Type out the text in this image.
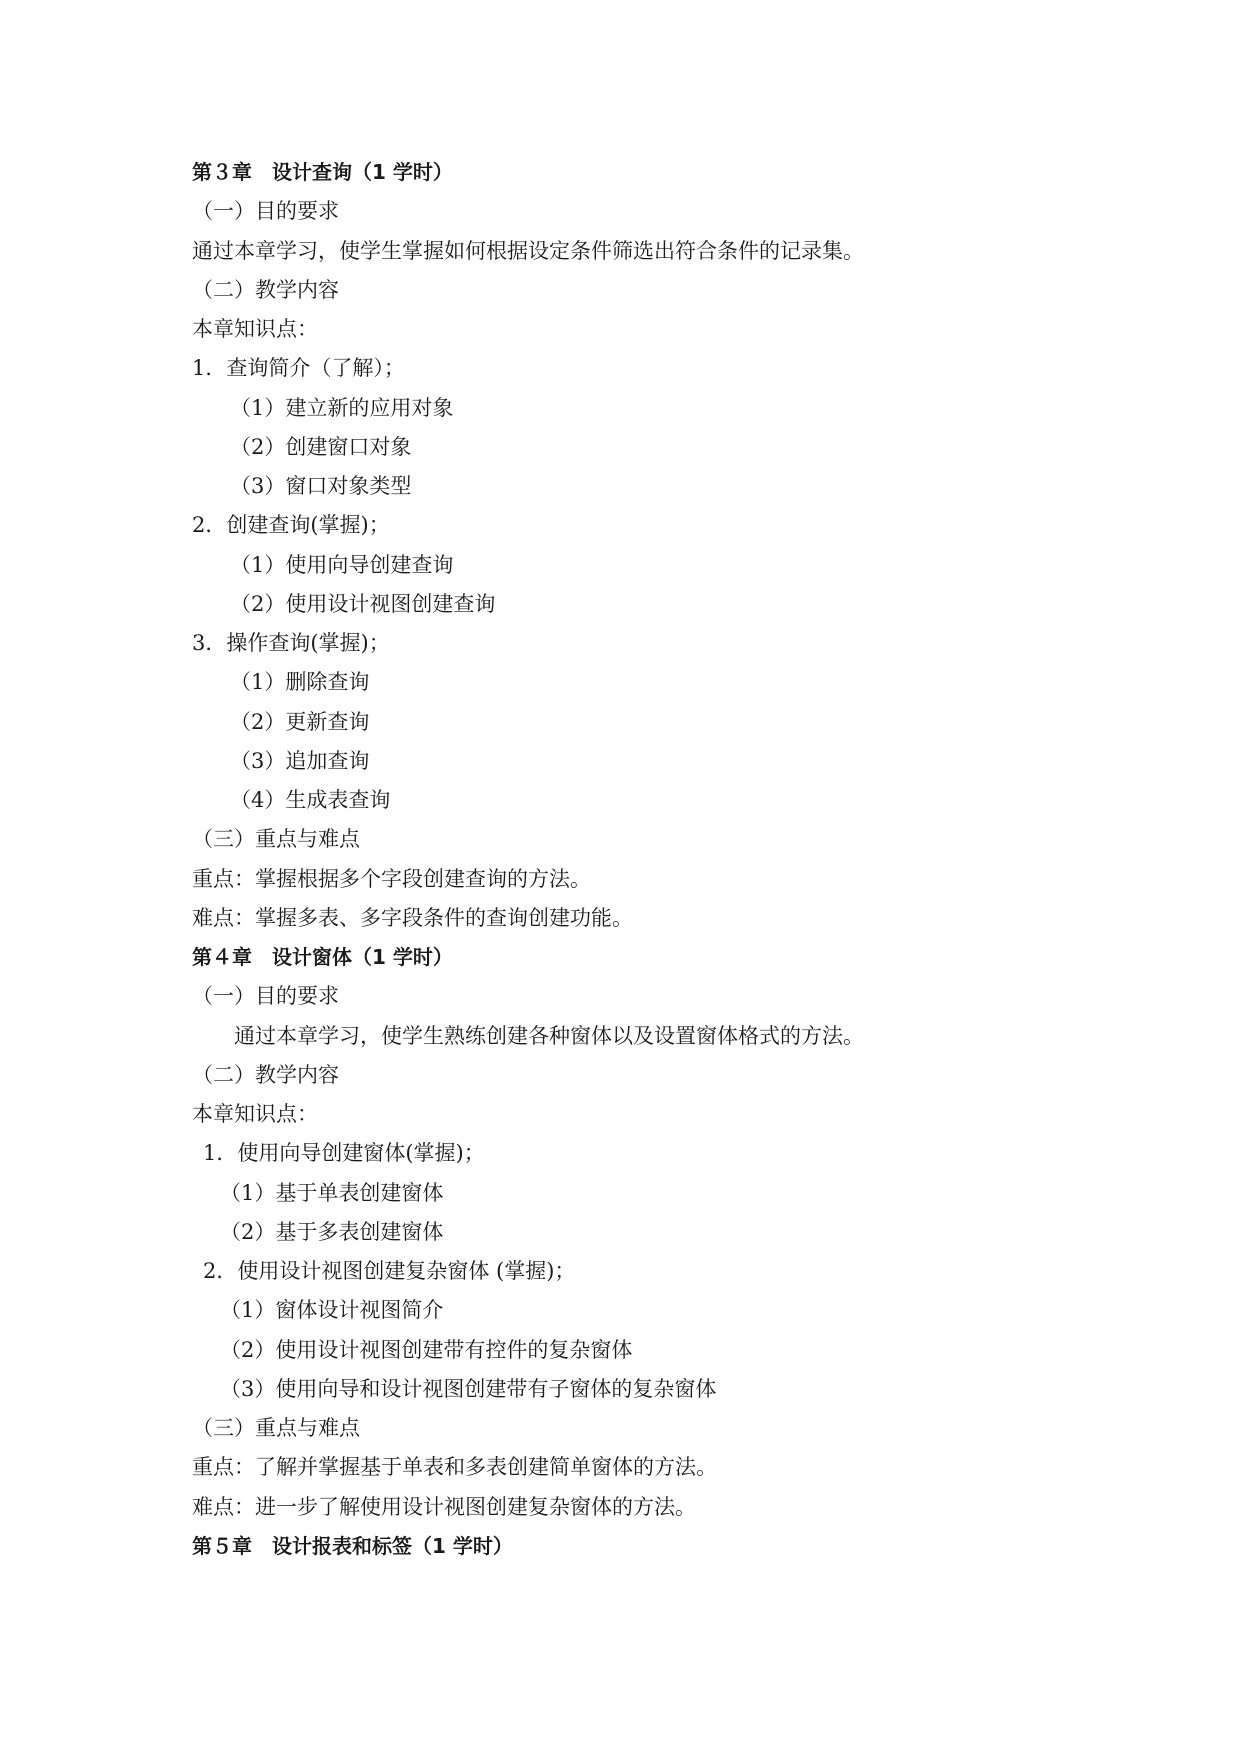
第３章　设计查询（1 学时）
（一）目的要求
通过本章学习，使学生掌握如何根据设定条件筛选出符合条件的记录集。
（二）教学内容
本章知识点：
1．查询简介（了解）；
（1）建立新的应用对象
（2）创建窗口对象
（3）窗口对象类型
2．创建查询(掌握)；
（1）使用向导创建查询
（2）使用设计视图创建查询
3．操作查询(掌握)；
（1）删除查询
（2）更新查询
（3）追加查询
（4）生成表查询
（三）重点与难点
重点：掌握根据多个字段创建查询的方法。
难点：掌握多表、多字段条件的查询创建功能。
第４章　设计窗体（1 学时）
（一）目的要求
通过本章学习，使学生熟练创建各种窗体以及设置窗体格式的方法。
（二）教学内容
本章知识点：
1．使用向导创建窗体(掌握)；
（1）基于单表创建窗体
（2）基于多表创建窗体
2．使用设计视图创建复杂窗体 (掌握)；
（1）窗体设计视图简介
（2）使用设计视图创建带有控件的复杂窗体
（3）使用向导和设计视图创建带有子窗体的复杂窗体
（三）重点与难点
重点：了解并掌握基于单表和多表创建简单窗体的方法。
难点：进一步了解使用设计视图创建复杂窗体的方法。
第５章　设计报表和标签（1 学时）
